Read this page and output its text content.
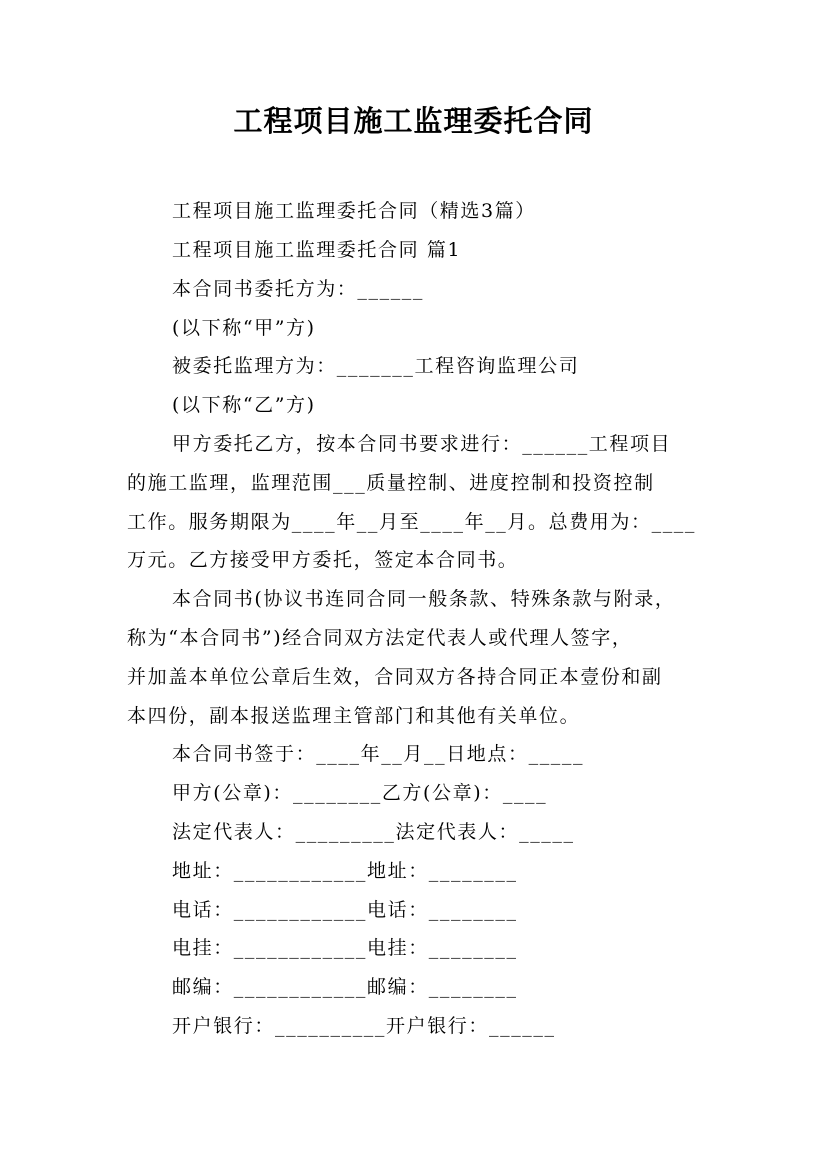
工程项目施工监理委托合同
工程项目施工监理委托合同（精选3篇）
工程项目施工监理委托合同 篇1
本合同书委托方为：______
(以下称“甲”方)
被委托监理方为：_______工程咨询监理公司
(以下称“乙”方)
甲方委托乙方，按本合同书要求进行：______工程项目
的施工监理，监理范围___质量控制、进度控制和投资控制
工作。服务期限为____年__月至____年__月。总费用为：____
万元。乙方接受甲方委托，签定本合同书。
本合同书(协议书连同合同一般条款、特殊条款与附录，
称为“本合同书”)经合同双方法定代表人或代理人签字，
并加盖本单位公章后生效，合同双方各持合同正本壹份和副
本四份，副本报送监理主管部门和其他有关单位。
本合同书签于：____年__月__日地点：_____
甲方(公章)：________乙方(公章)：____
法定代表人：_________法定代表人：_____
地址：____________地址：________
电话：____________电话：________
电挂：____________电挂：________
邮编：____________邮编：________
开户银行：__________开户银行：______
